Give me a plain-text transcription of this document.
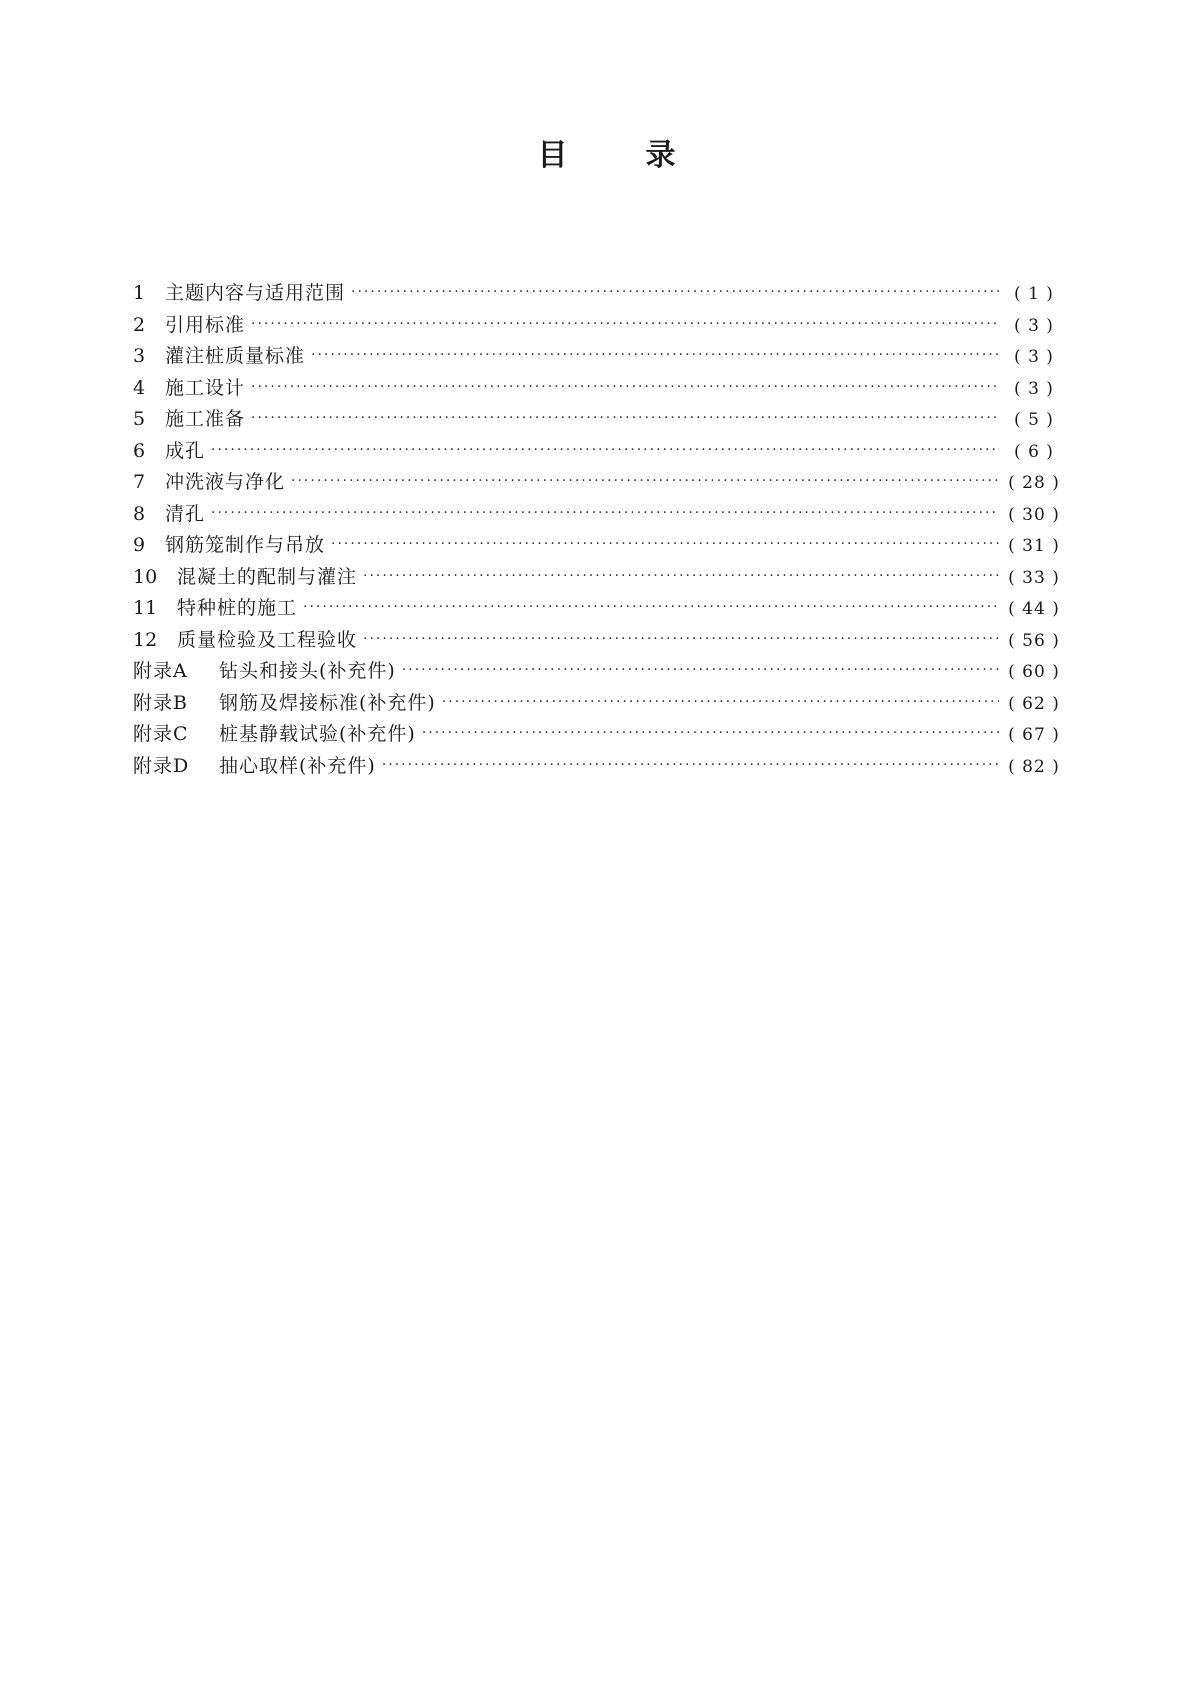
目	录
1	主题内容与适用范围 ·····	( 1 )
2	引用标准 ·····	( 3 )
3	灌注桩质量标准 ·····	( 3 )
4	施工设计 ·····	( 3 )
5	施工准备 ·····	( 5 )
6	成孔 ·····	( 6 )
7	冲洗液与净化 ·····	( 28 )
8	清孔 ·····	( 30 )
9	钢筋笼制作与吊放 ·····	( 31 )
10	混凝土的配制与灌注 ·····	( 33 )
11	特种桩的施工 ·····	( 44 )
12	质量检验及工程验收 ·····	( 56 )
附录A	钻头和接头(补充件) ·····	( 60 )
附录B	钢筋及焊接标准(补充件) ·····	( 62 )
附录C	桩基静载试验(补充件) ·····	( 67 )
附录D	抽心取样(补充件) ·····	( 82 )
